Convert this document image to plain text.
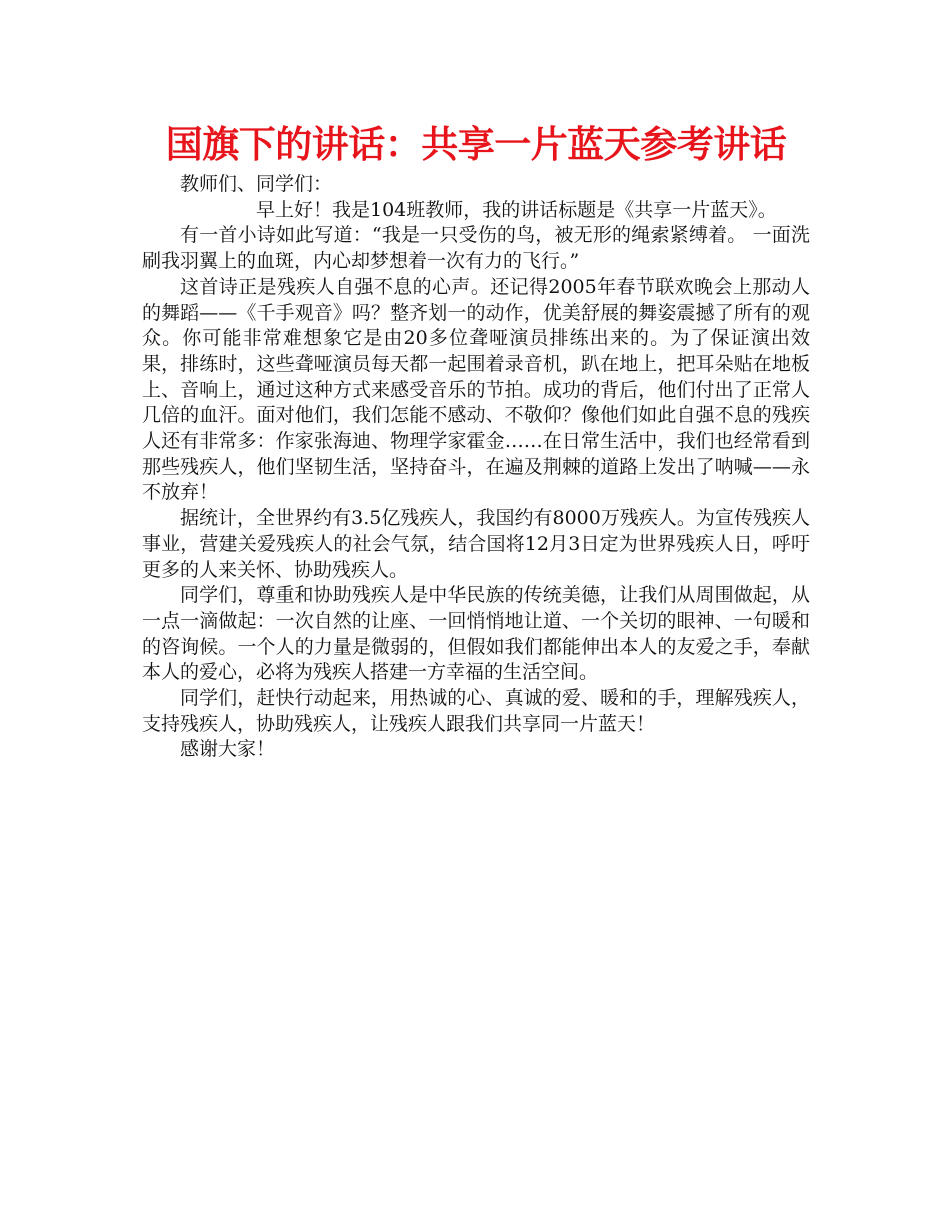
国旗下的讲话：共享一片蓝天参考讲话

教师们、同学们：

早上好！我是104班教师，我的讲话标题是《共享一片蓝天》。

有一首小诗如此写道：“我是一只受伤的鸟，被无形的绳索紧缚着。 一面洗刷我羽翼上的血斑，内心却梦想着一次有力的飞行。”

这首诗正是残疾人自强不息的心声。还记得2005年春节联欢晚会上那动人的舞蹈——《千手观音》吗？整齐划一的动作，优美舒展的舞姿震撼了所有的观众。你可能非常难想象它是由20多位聋哑演员排练出来的。为了保证演出效果，排练时，这些聋哑演员每天都一起围着录音机，趴在地上，把耳朵贴在地板上、音响上，通过这种方式来感受音乐的节拍。成功的背后，他们付出了正常人几倍的血汗。面对他们，我们怎能不感动、不敬仰？像他们如此自强不息的残疾人还有非常多：作家张海迪、物理学家霍金……在日常生活中，我们也经常看到那些残疾人，他们坚韧生活，坚持奋斗，在遍及荆棘的道路上发出了呐喊——永不放弃！

据统计，全世界约有3.5亿残疾人，我国约有8000万残疾人。为宣传残疾人事业，营建关爱残疾人的社会气氛，结合国将12月3日定为世界残疾人日，呼吁更多的人来关怀、协助残疾人。

同学们，尊重和协助残疾人是中华民族的传统美德，让我们从周围做起，从一点一滴做起：一次自然的让座、一回悄悄地让道、一个关切的眼神、一句暖和的咨询候。一个人的力量是微弱的，但假如我们都能伸出本人的友爱之手，奉献本人的爱心，必将为残疾人搭建一方幸福的生活空间。

同学们，赶快行动起来，用热诚的心、真诚的爱、暖和的手，理解残疾人，支持残疾人，协助残疾人，让残疾人跟我们共享同一片蓝天！

感谢大家！
